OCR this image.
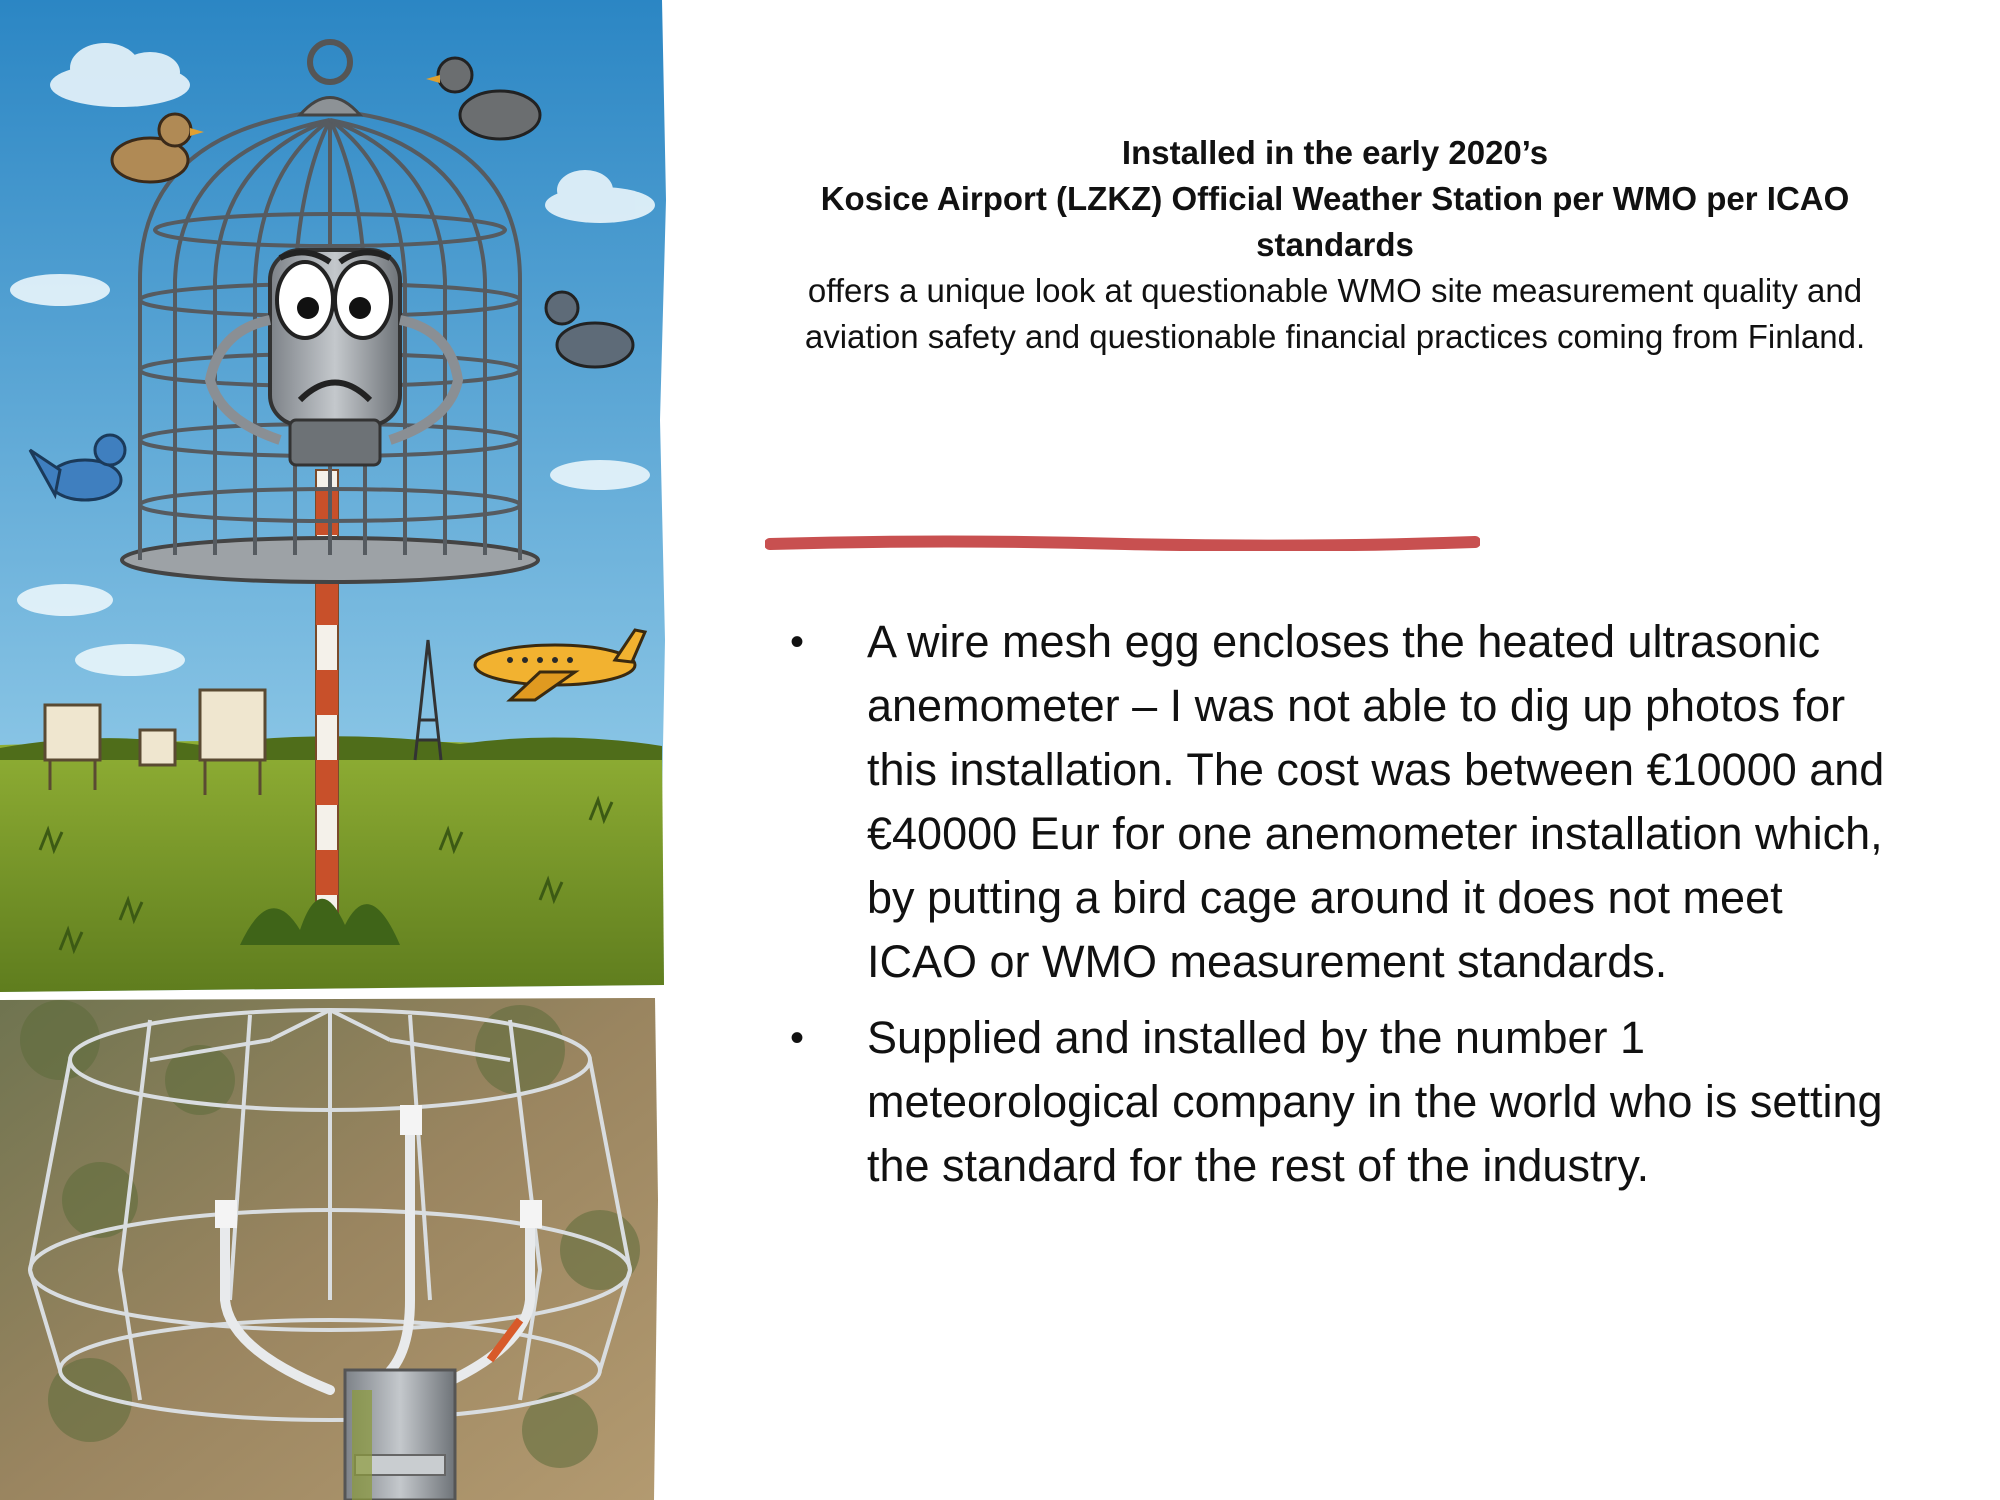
Installed in the early 2020’s
Kosice Airport (LZKZ) Official Weather Station per WMO per ICAO standards
offers a unique look at questionable WMO site measurement quality and aviation safety and questionable financial practices coming from Finland.
• A wire mesh egg encloses the heated ultrasonic anemometer – I was not able to dig up photos for this installation. The cost was between €10000 and €40000 Eur for one anemometer installation which, by putting a bird cage around it does not meet ICAO or WMO measurement standards.
• Supplied and installed by the number 1 meteorological company in the world who is setting the standard for the rest of the industry.
